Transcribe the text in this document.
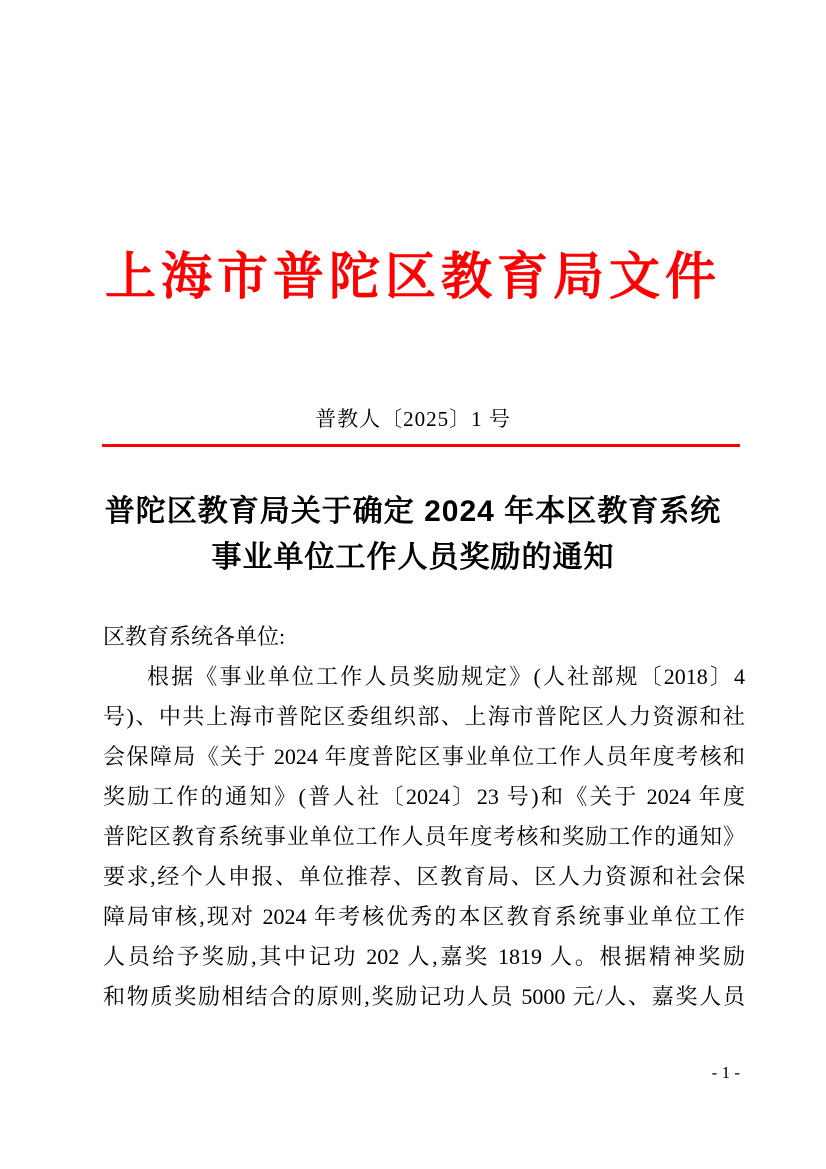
上海市普陀区教育局文件
普教人〔2025〕1 号
普陀区教育局关于确定 2024 年本区教育系统
事业单位工作人员奖励的通知
区教育系统各单位:
根据《事业单位工作人员奖励规定》(人社部规〔2018〕4
号)、中共上海市普陀区委组织部、上海市普陀区人力资源和社
会保障局《关于 2024 年度普陀区事业单位工作人员年度考核和
奖励工作的通知》(普人社〔2024〕23 号)和《关于 2024 年度
普陀区教育系统事业单位工作人员年度考核和奖励工作的通知》
要求,经个人申报、单位推荐、区教育局、区人力资源和社会保
障局审核,现对 2024 年考核优秀的本区教育系统事业单位工作
人员给予奖励,其中记功 202 人,嘉奖 1819 人。根据精神奖励
和物质奖励相结合的原则,奖励记功人员 5000 元/人、嘉奖人员
- 1 -
